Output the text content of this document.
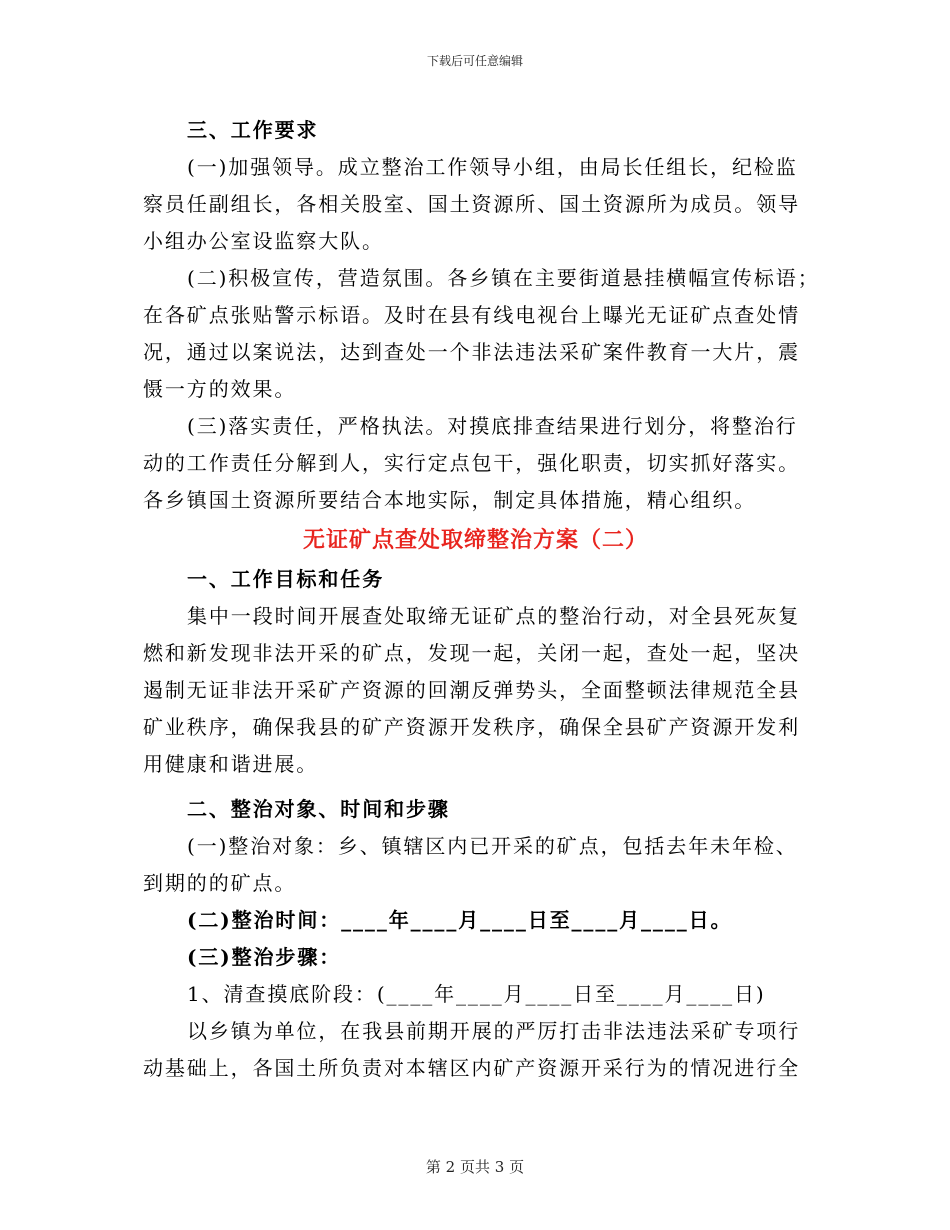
下载后可任意编辑
三、工作要求
(一)加强领导。成立整治工作领导小组，由局长任组长，纪检监
察员任副组长，各相关股室、国土资源所、国土资源所为成员。领导
小组办公室设监察大队。
(二)积极宣传，营造氛围。各乡镇在主要街道悬挂横幅宣传标语；
在各矿点张贴警示标语。及时在县有线电视台上曝光无证矿点查处情
况，通过以案说法，达到查处一个非法违法采矿案件教育一大片，震
慑一方的效果。
(三)落实责任，严格执法。对摸底排查结果进行划分，将整治行
动的工作责任分解到人，实行定点包干，强化职责，切实抓好落实。
各乡镇国土资源所要结合本地实际，制定具体措施，精心组织。
无证矿点查处取缔整治方案（二）
一、工作目标和任务
集中一段时间开展查处取缔无证矿点的整治行动，对全县死灰复
燃和新发现非法开采的矿点，发现一起，关闭一起，查处一起，坚决
遏制无证非法开采矿产资源的回潮反弹势头，全面整顿法律规范全县
矿业秩序，确保我县的矿产资源开发秩序，确保全县矿产资源开发利
用健康和谐进展。
二、整治对象、时间和步骤
(一)整治对象：乡、镇辖区内已开采的矿点，包括去年未年检、
到期的的矿点。
(二)整治时间：____年____月____日至____月____日。
(三)整治步骤：
1、清查摸底阶段：(____年____月____日至____月____日)
以乡镇为单位，在我县前期开展的严厉打击非法违法采矿专项行
动基础上，各国土所负责对本辖区内矿产资源开采行为的情况进行全
第 2 页共 3 页
